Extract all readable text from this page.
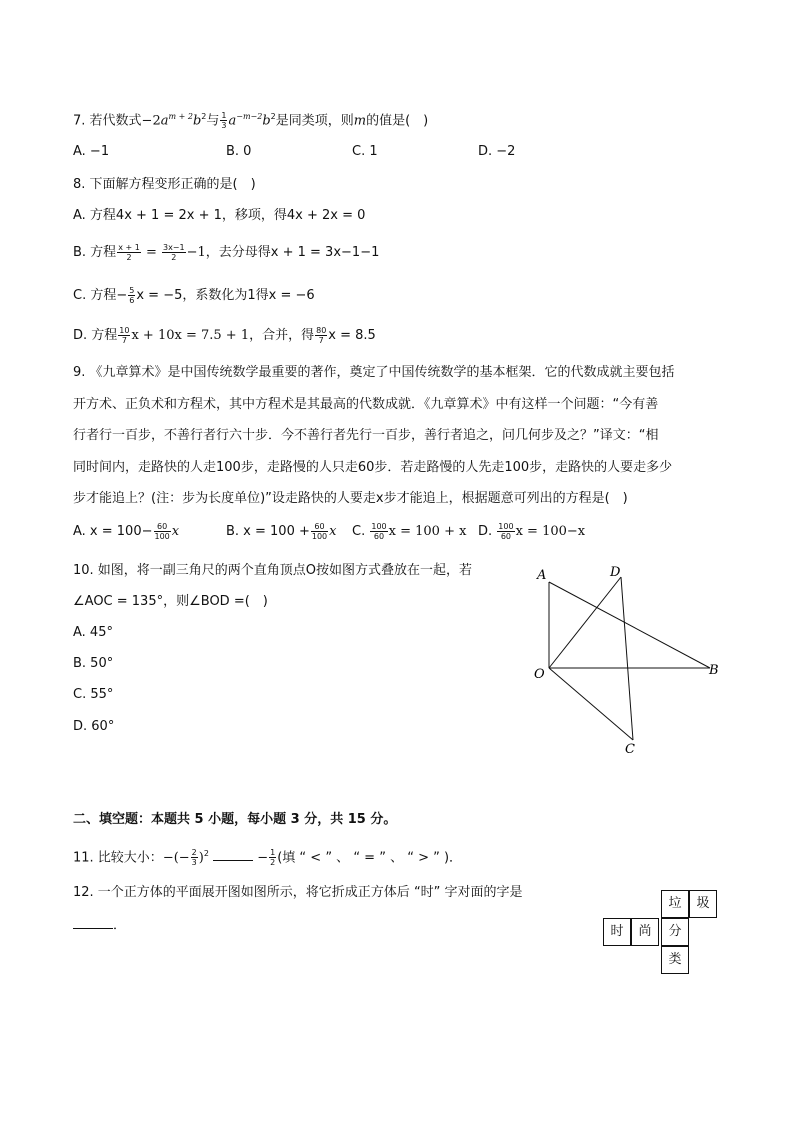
7. 若代数式$-2a^{m + 2}b^2$与 $\frac{1}{3} a^{-m-2}b^2$是同类项，则m的值是(　)
A. −1	B. 0	C. 1	D. −2
8. 下面解方程变形正确的是(　)
A. 方程4x + 1 = 2x + 1，移项，得4x + 2x = 0
B. 方程 $\frac{x + 1}{2} = \frac{3x-1}{2} -1$，去分母得x + 1 = 3x−1−1
C. 方程− $\frac{5}{6}$ x = −5，系数化为1得x = −6
D. 方程 $\frac{10}{7}$ x + 10x = 7.5 + 1，合并，得 $\frac{80}{7}$ x = 8.5
9. 《九章算术》是中国传统数学最重要的著作，奠定了中国传统数学的基本框架．它的代数成就主要包括
开方术、正负术和方程术，其中方程术是其最高的代数成就．《九章算术》中有这样一个问题：“今有善
行者行一百步，不善行者行六十步．今不善行者先行一百步，善行者追之，问几何步及之？”译文：“相
同时间内，走路快的人走100步，走路慢的人只走60步．若走路慢的人先走100步，走路快的人要走多少
步才能追上？(注：步为长度单位)”设走路快的人要走x步才能追上，根据题意可列出的方程是(　)
A. $x = 100- \frac{60}{100}$ x	B. $x = 100 + \frac{60}{100}$ x C. $\frac{100}{60}$ x = 100 + x D. $\frac{100}{60}$ x = 100−x
10. 如图，将一副三角尺的两个直角顶点O按如图方式叠放在一起，若
∠AOC = 135°，则∠BOD =(　)
A. 45°
B. 50°
C. 55°
D. 60°
A	D
O	B
C
二、填空题：本题共 5 小题，每小题 3 分，共 15 分。
11. 比较大小：−(− $\frac{2}{3} )^2$	− $\frac{1}{2}$ (填 “ < ” 、 “ = ” 、 “ > ” )．
12. 一个正方体的平面展开图如图所示，将它折成正方体后 “时” 字对面的字是
．
垃	圾
时	尚	分
类
